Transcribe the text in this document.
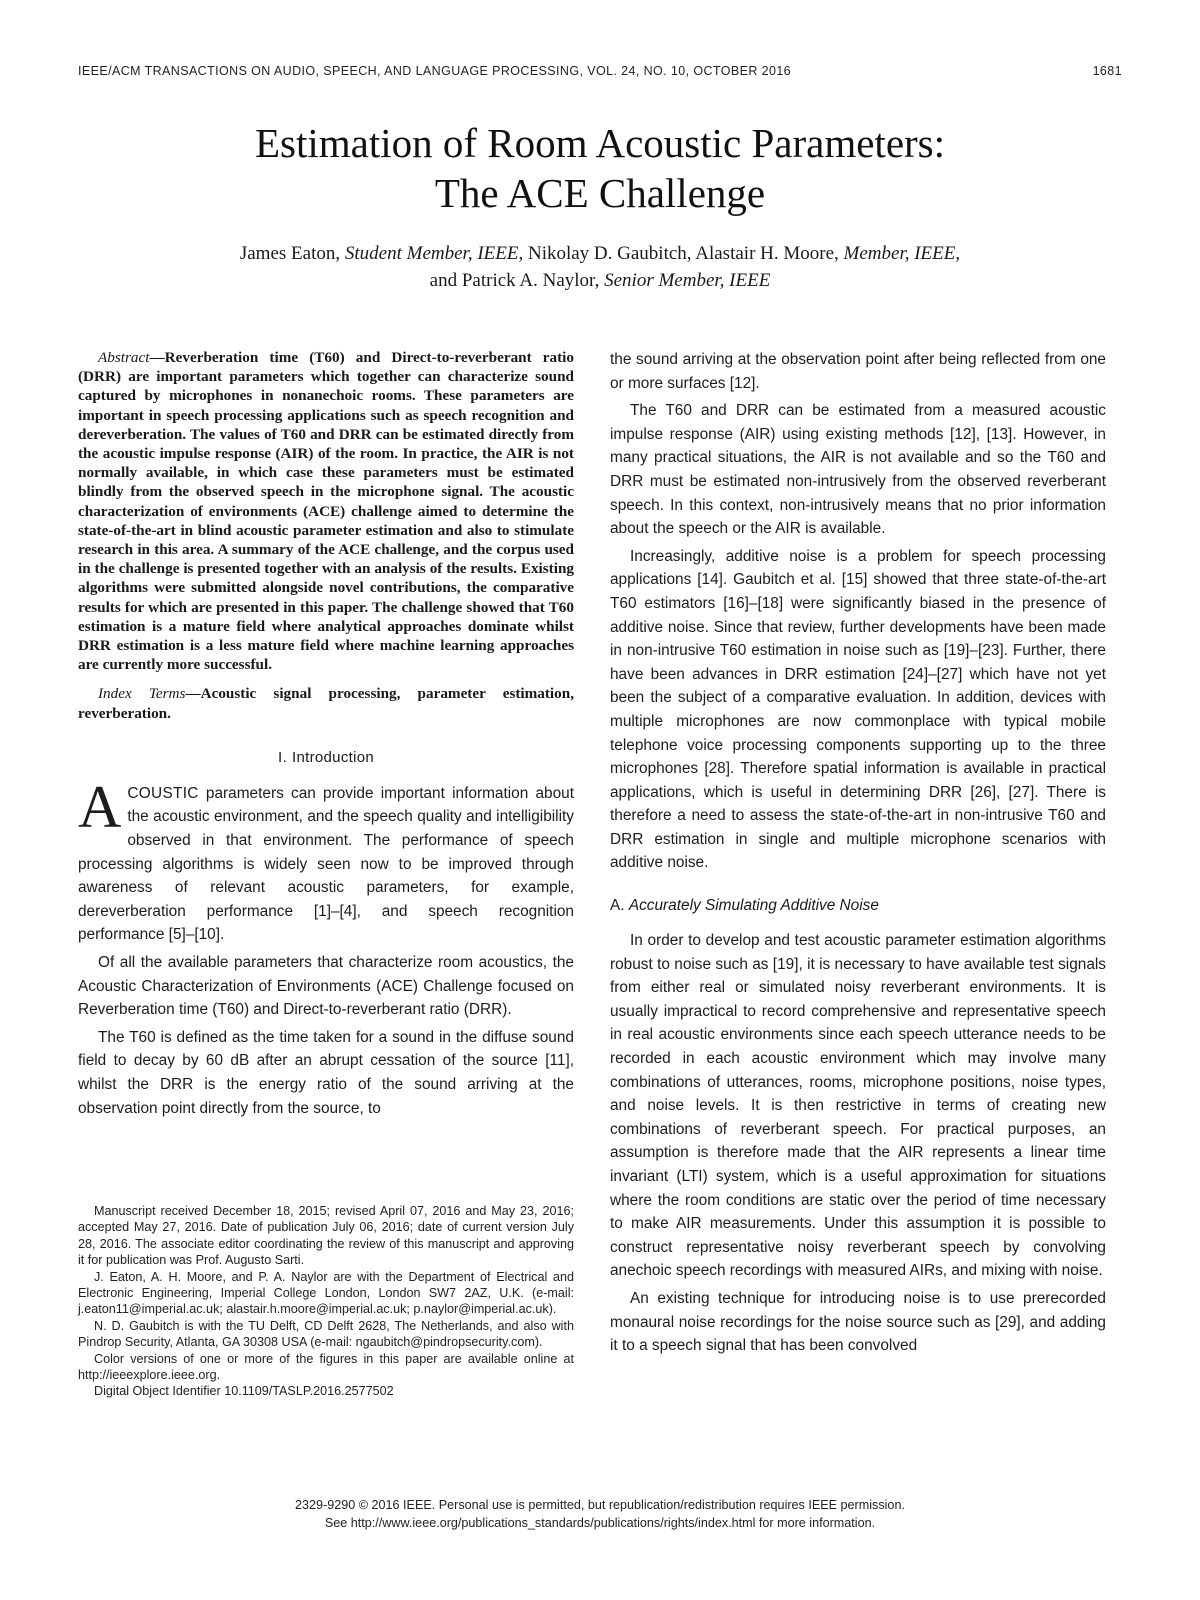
IEEE/ACM TRANSACTIONS ON AUDIO, SPEECH, AND LANGUAGE PROCESSING, VOL. 24, NO. 10, OCTOBER 2016	1681
Estimation of Room Acoustic Parameters:
The ACE Challenge
James Eaton, Student Member, IEEE, Nikolay D. Gaubitch, Alastair H. Moore, Member, IEEE,
and Patrick A. Naylor, Senior Member, IEEE

Abstract—Reverberation time (T60) and Direct-to-reverberant ratio (DRR) are important parameters which together can characterize sound captured by microphones in nonanechoic rooms. These parameters are important in speech processing applications such as speech recognition and dereverberation. The values of T60 and DRR can be estimated directly from the acoustic impulse response (AIR) of the room. In practice, the AIR is not normally available, in which case these parameters must be estimated blindly from the observed speech in the microphone signal. The acoustic characterization of environments (ACE) challenge aimed to determine the state-of-the-art in blind acoustic parameter estimation and also to stimulate research in this area. A summary of the ACE challenge, and the corpus used in the challenge is presented together with an analysis of the results. Existing algorithms were submitted alongside novel contributions, the comparative results for which are presented in this paper. The challenge showed that T60 estimation is a mature field where analytical approaches dominate whilst DRR estimation is a less mature field where machine learning approaches are currently more successful.

Index Terms—Acoustic signal processing, parameter estimation, reverberation.

I. Introduction

ACOUSTIC parameters can provide important information about the acoustic environment, and the speech quality and intelligibility observed in that environment. The performance of speech processing algorithms is widely seen now to be improved through awareness of relevant acoustic parameters, for example, dereverberation performance [1]–[4], and speech recognition performance [5]–[10].

Of all the available parameters that characterize room acoustics, the Acoustic Characterization of Environments (ACE) Challenge focused on Reverberation time (T60) and Direct-to-reverberant ratio (DRR).

The T60 is defined as the time taken for a sound in the diffuse sound field to decay by 60 dB after an abrupt cessation of the source [11], whilst the DRR is the energy ratio of the sound arriving at the observation point directly from the source, to

the sound arriving at the observation point after being reflected from one or more surfaces [12].

The T60 and DRR can be estimated from a measured acoustic impulse response (AIR) using existing methods [12], [13]. However, in many practical situations, the AIR is not available and so the T60 and DRR must be estimated non-intrusively from the observed reverberant speech. In this context, non-intrusively means that no prior information about the speech or the AIR is available.

Increasingly, additive noise is a problem for speech processing applications [14]. Gaubitch et al. [15] showed that three state-of-the-art T60 estimators [16]–[18] were significantly biased in the presence of additive noise. Since that review, further developments have been made in non-intrusive T60 estimation in noise such as [19]–[23]. Further, there have been advances in DRR estimation [24]–[27] which have not yet been the subject of a comparative evaluation. In addition, devices with multiple microphones are now commonplace with typical mobile telephone voice processing components supporting up to the three microphones [28]. Therefore spatial information is available in practical applications, which is useful in determining DRR [26], [27]. There is therefore a need to assess the state-of-the-art in non-intrusive T60 and DRR estimation in single and multiple microphone scenarios with additive noise.

A. Accurately Simulating Additive Noise

In order to develop and test acoustic parameter estimation algorithms robust to noise such as [19], it is necessary to have available test signals from either real or simulated noisy reverberant environments. It is usually impractical to record comprehensive and representative speech in real acoustic environments since each speech utterance needs to be recorded in each acoustic environment which may involve many combinations of utterances, rooms, microphone positions, noise types, and noise levels. It is then restrictive in terms of creating new combinations of reverberant speech. For practical purposes, an assumption is therefore made that the AIR represents a linear time invariant (LTI) system, which is a useful approximation for situations where the room conditions are static over the period of time necessary to make AIR measurements. Under this assumption it is possible to construct representative noisy reverberant speech by convolving anechoic speech recordings with measured AIRs, and mixing with noise.

An existing technique for introducing noise is to use prerecorded monaural noise recordings for the noise source such as [29], and adding it to a speech signal that has been convolved

Manuscript received December 18, 2015; revised April 07, 2016 and May 23, 2016; accepted May 27, 2016. Date of publication July 06, 2016; date of current version July 28, 2016. The associate editor coordinating the review of this manuscript and approving it for publication was Prof. Augusto Sarti.

J. Eaton, A. H. Moore, and P. A. Naylor are with the Department of Electrical and Electronic Engineering, Imperial College London, London SW7 2AZ, U.K. (e-mail: j.eaton11@imperial.ac.uk; alastair.h.moore@imperial.ac.uk; p.naylor@imperial.ac.uk).

N. D. Gaubitch is with the TU Delft, CD Delft 2628, The Netherlands, and also with Pindrop Security, Atlanta, GA 30308 USA (e-mail: ngaubitch@pindropsecurity.com).

Color versions of one or more of the figures in this paper are available online at http://ieeexplore.ieee.org.

Digital Object Identifier 10.1109/TASLP.2016.2577502

2329-9290 © 2016 IEEE. Personal use is permitted, but republication/redistribution requires IEEE permission.
See http://www.ieee.org/publications_standards/publications/rights/index.html for more information.
